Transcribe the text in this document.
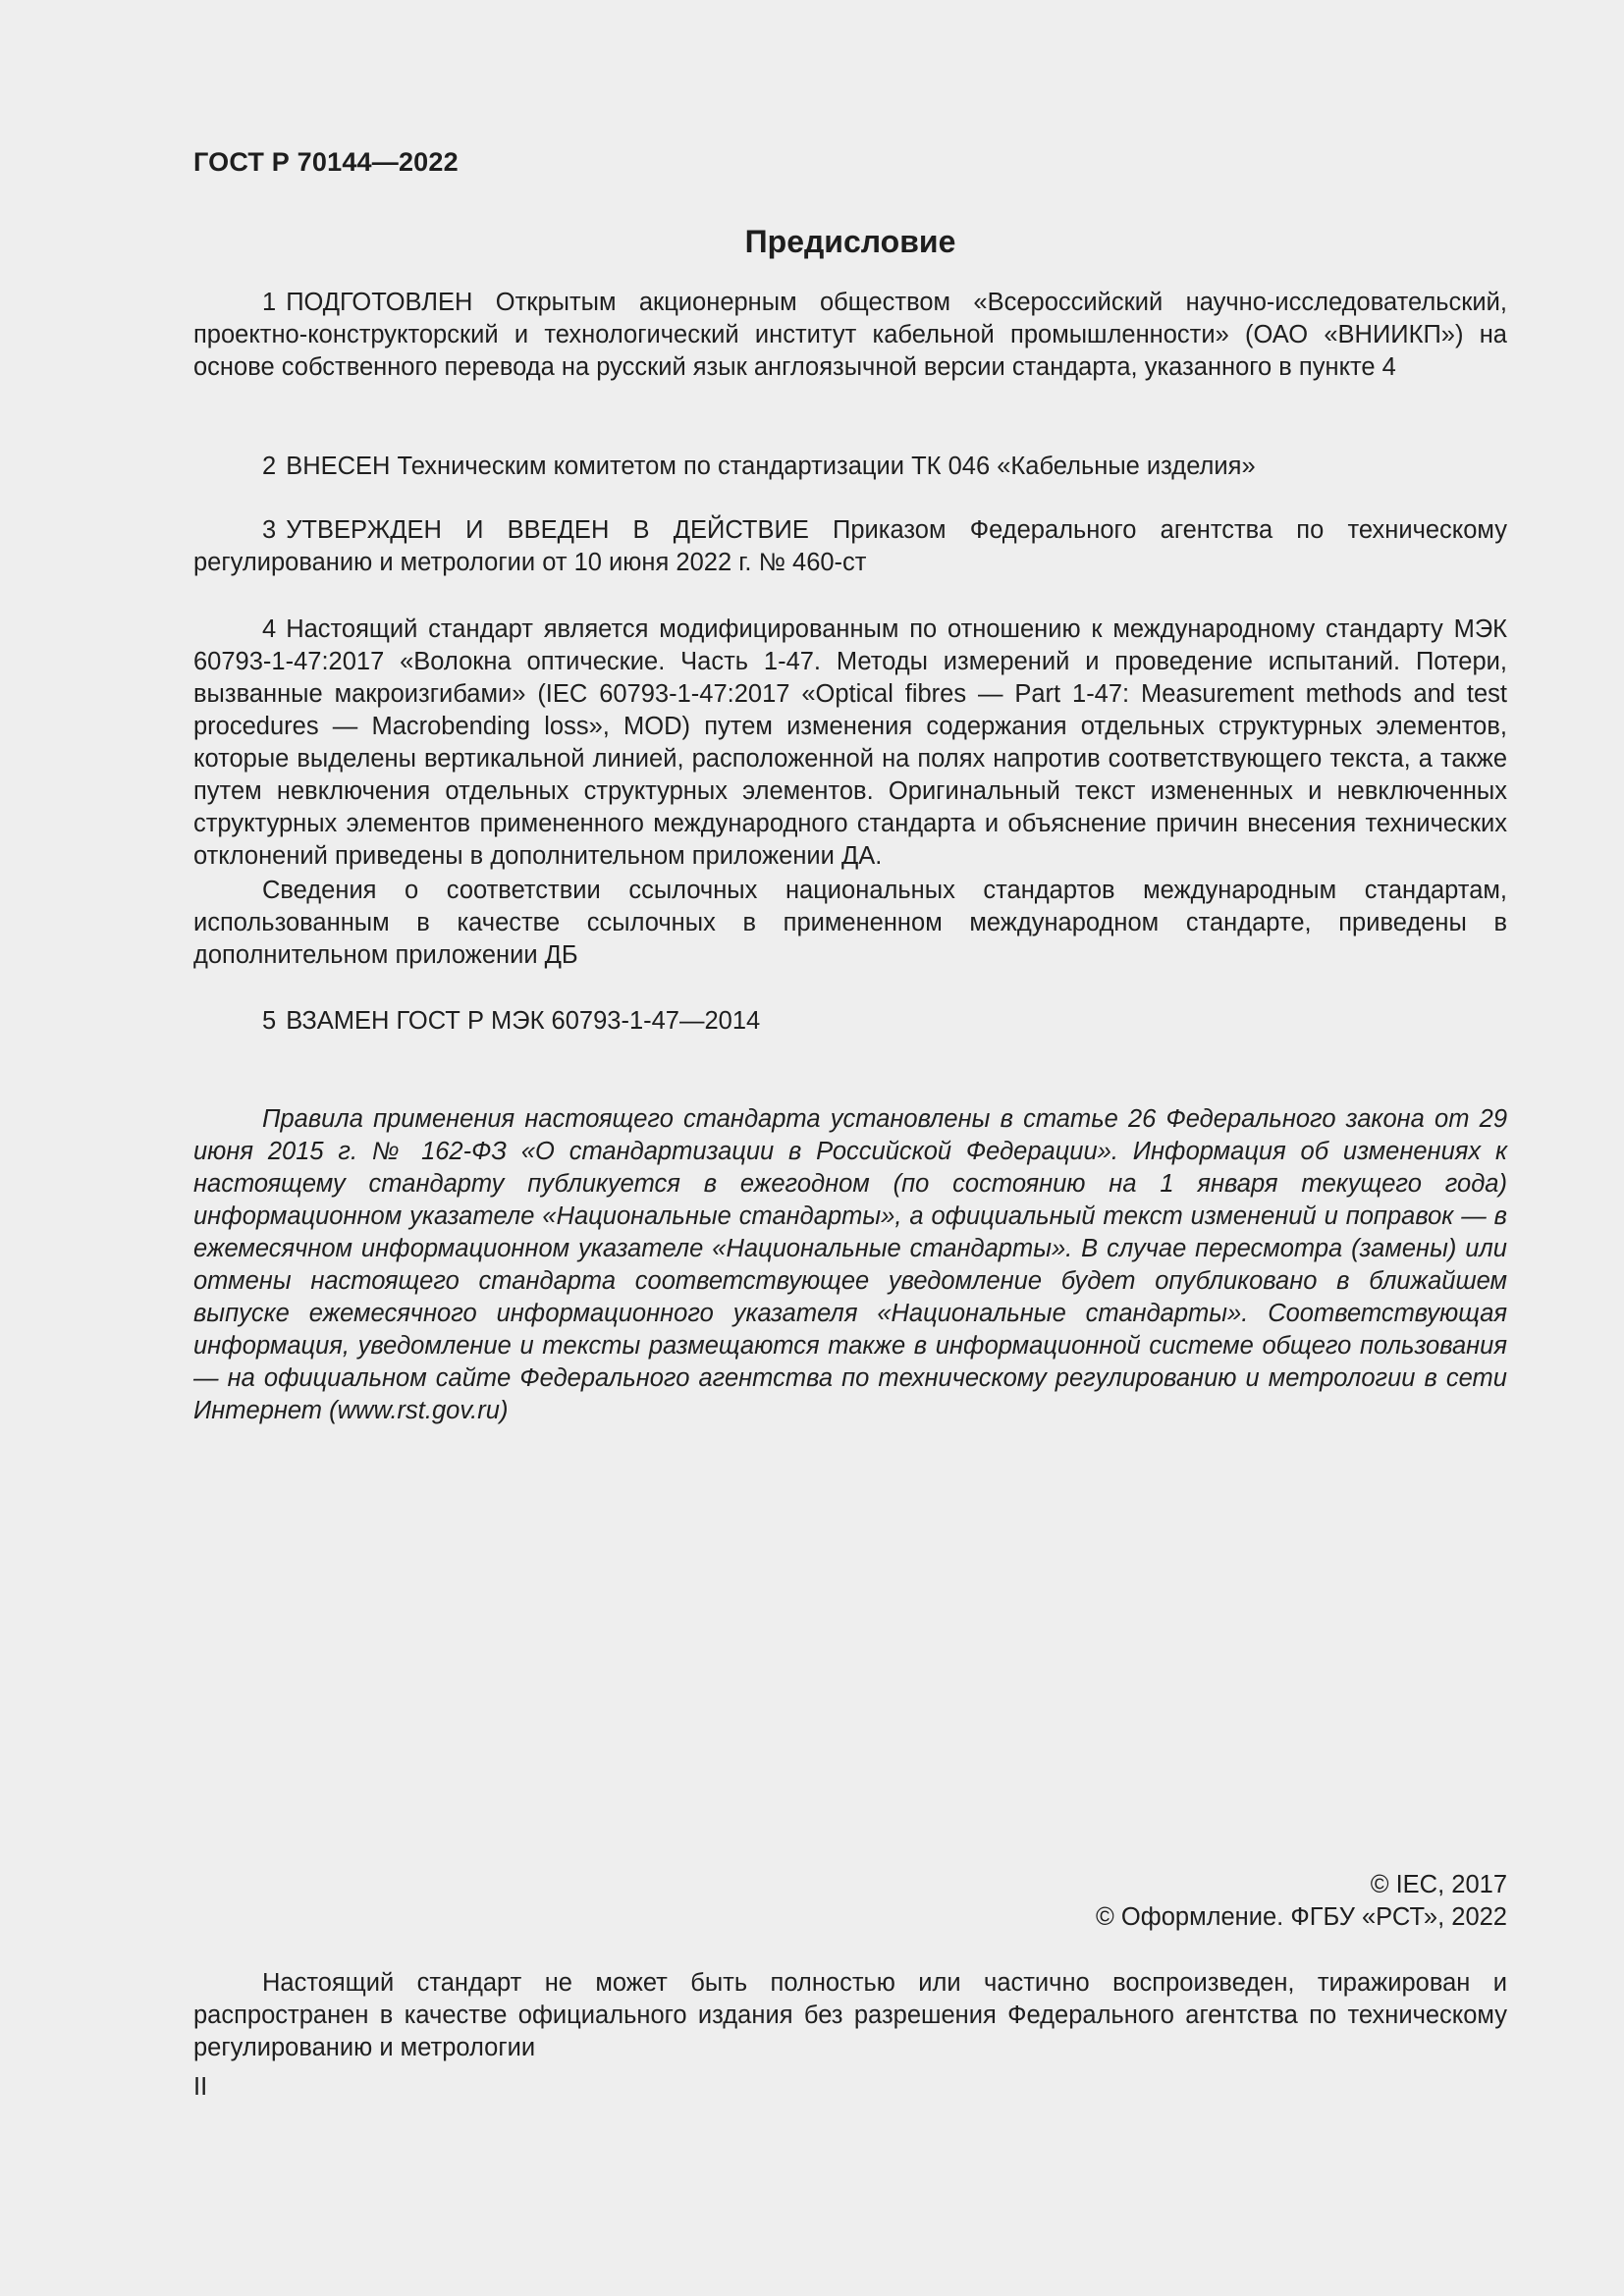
ГОСТ Р 70144—2022
Предисловие

1 ПОДГОТОВЛЕН Открытым акционерным обществом «Всероссийский научно-исследовательский, проектно-конструкторский и технологический институт кабельной промышленности» (ОАО «ВНИИКП») на основе собственного перевода на русский язык англоязычной версии стандарта, указанного в пункте 4

2 ВНЕСЕН Техническим комитетом по стандартизации ТК 046 «Кабельные изделия»

3 УТВЕРЖДЕН И ВВЕДЕН В ДЕЙСТВИЕ Приказом Федерального агентства по техническому регулированию и метрологии от 10 июня 2022 г. № 460-ст

4 Настоящий стандарт является модифицированным по отношению к международному стандарту МЭК 60793-1-47:2017 «Волокна оптические. Часть 1-47. Методы измерений и проведение испытаний. Потери, вызванные макроизгибами» (IEC 60793-1-47:2017 «Optical fibres — Part 1-47: Measurement methods and test procedures — Macrobending loss», MOD) путем изменения содержания отдельных структурных элементов, которые выделены вертикальной линией, расположенной на полях напротив соответствующего текста, а также путем невключения отдельных структурных элементов. Оригинальный текст измененных и невключенных структурных элементов примененного международного стандарта и объяснение причин внесения технических отклонений приведены в дополнительном приложении ДА.

Сведения о соответствии ссылочных национальных стандартов международным стандартам, использованным в качестве ссылочных в примененном международном стандарте, приведены в дополнительном приложении ДБ

5 ВЗАМЕН ГОСТ Р МЭК 60793-1-47—2014

Правила применения настоящего стандарта установлены в статье 26 Федерального закона от 29 июня 2015 г. № 162-ФЗ «О стандартизации в Российской Федерации». Информация об изменениях к настоящему стандарту публикуется в ежегодном (по состоянию на 1 января текущего года) информационном указателе «Национальные стандарты», а официальный текст изменений и поправок — в ежемесячном информационном указателе «Национальные стандарты». В случае пересмотра (замены) или отмены настоящего стандарта соответствующее уведомление будет опубликовано в ближайшем выпуске ежемесячного информационного указателя «Национальные стандарты». Соответствующая информация, уведомление и тексты размещаются также в информационной системе общего пользования — на официальном сайте Федерального агентства по техническому регулированию и метрологии в сети Интернет (www.rst.gov.ru)

© IEC, 2017
© Оформление. ФГБУ «РСТ», 2022

Настоящий стандарт не может быть полностью или частично воспроизведен, тиражирован и распространен в качестве официального издания без разрешения Федерального агентства по техническому регулированию и метрологии

II
